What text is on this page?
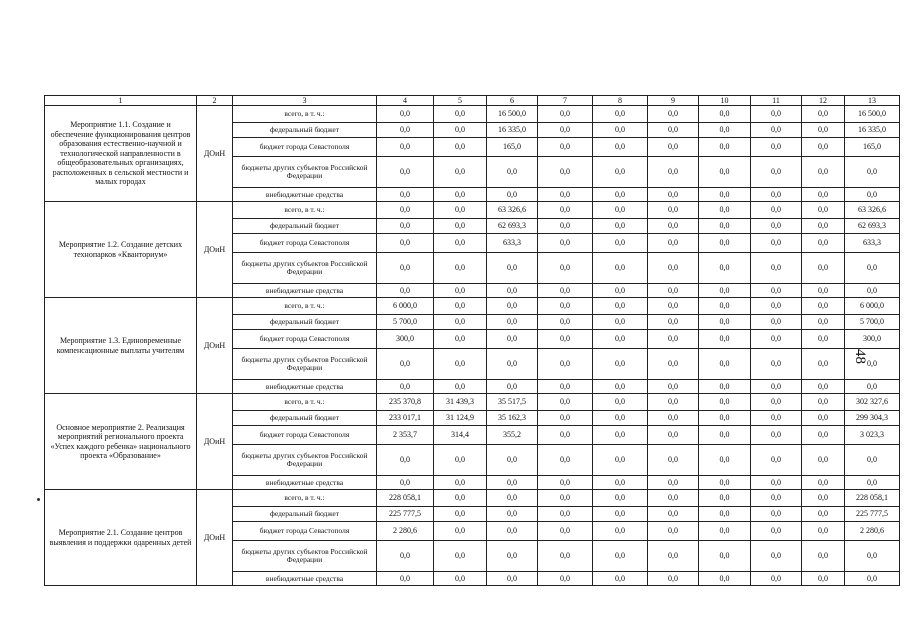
1	2	3	4	5	6	7	8	9	10	11	12	13
Мероприятие 1.1. Создание и обеспечение функционирования центров образования естественно-научной и технологической направленности в общеобразовательных организациях, расположенных в сельской местности и малых городах	ДОиН	всего, в т. ч.:	0,0	0,0	16 500,0	0,0	0,0	0,0	0,0	0,0	0,0	16 500,0
		федеральный бюджет	0,0	0,0	16 335,0	0,0	0,0	0,0	0,0	0,0	0,0	16 335,0
		бюджет города Севастополя	0,0	0,0	165,0	0,0	0,0	0,0	0,0	0,0	0,0	165,0
		бюджеты других субъектов Российской Федерации	0,0	0,0	0,0	0,0	0,0	0,0	0,0	0,0	0,0	0,0
		внебюджетные средства	0,0	0,0	0,0	0,0	0,0	0,0	0,0	0,0	0,0	0,0
Мероприятие 1.2. Создание детских технопарков «Кванториум»	ДОиН	всего, в т. ч.:	0,0	0,0	63 326,6	0,0	0,0	0,0	0,0	0,0	0,0	63 326,6
		федеральный бюджет	0,0	0,0	62 693,3	0,0	0,0	0,0	0,0	0,0	0,0	62 693,3
		бюджет города Севастополя	0,0	0,0	633,3	0,0	0,0	0,0	0,0	0,0	0,0	633,3
		бюджеты других субъектов Российской Федерации	0,0	0,0	0,0	0,0	0,0	0,0	0,0	0,0	0,0	0,0
		внебюджетные средства	0,0	0,0	0,0	0,0	0,0	0,0	0,0	0,0	0,0	0,0
Мероприятие 1.3. Единовременные компенсационные выплаты учителям	ДОиН	всего, в т. ч.:	6 000,0	0,0	0,0	0,0	0,0	0,0	0,0	0,0	0,0	6 000,0
		федеральный бюджет	5 700,0	0,0	0,0	0,0	0,0	0,0	0,0	0,0	0,0	5 700,0
		бюджет города Севастополя	300,0	0,0	0,0	0,0	0,0	0,0	0,0	0,0	0,0	300,0
		бюджеты других субъектов Российской Федерации	0,0	0,0	0,0	0,0	0,0	0,0	0,0	0,0	0,0	0,0
		внебюджетные средства	0,0	0,0	0,0	0,0	0,0	0,0	0,0	0,0	0,0	0,0
Основное мероприятие 2. Реализация мероприятий регионального проекта «Успех каждого ребенка» национального проекта «Образование»	ДОиН	всего, в т. ч.:	235 370,8	31 439,3	35 517,5	0,0	0,0	0,0	0,0	0,0	0,0	302 327,6
		федеральный бюджет	233 017,1	31 124,9	35 162,3	0,0	0,0	0,0	0,0	0,0	0,0	299 304,3
		бюджет города Севастополя	2 353,7	314,4	355,2	0,0	0,0	0,0	0,0	0,0	0,0	3 023,3
		бюджеты других субъектов Российской Федерации	0,0	0,0	0,0	0,0	0,0	0,0	0,0	0,0	0,0	0,0
		внебюджетные средства	0,0	0,0	0,0	0,0	0,0	0,0	0,0	0,0	0,0	0,0
Мероприятие 2.1. Создание центров выявления и поддержки одаренных детей	ДОиН	всего, в т. ч.:	228 058,1	0,0	0,0	0,0	0,0	0,0	0,0	0,0	0,0	228 058,1
		федеральный бюджет	225 777,5	0,0	0,0	0,0	0,0	0,0	0,0	0,0	0,0	225 777,5
		бюджет города Севастополя	2 280,6	0,0	0,0	0,0	0,0	0,0	0,0	0,0	0,0	2 280,6
		бюджеты других субъектов Российской Федерации	0,0	0,0	0,0	0,0	0,0	0,0	0,0	0,0	0,0	0,0
		внебюджетные средства	0,0	0,0	0,0	0,0	0,0	0,0	0,0	0,0	0,0	0,0
48
